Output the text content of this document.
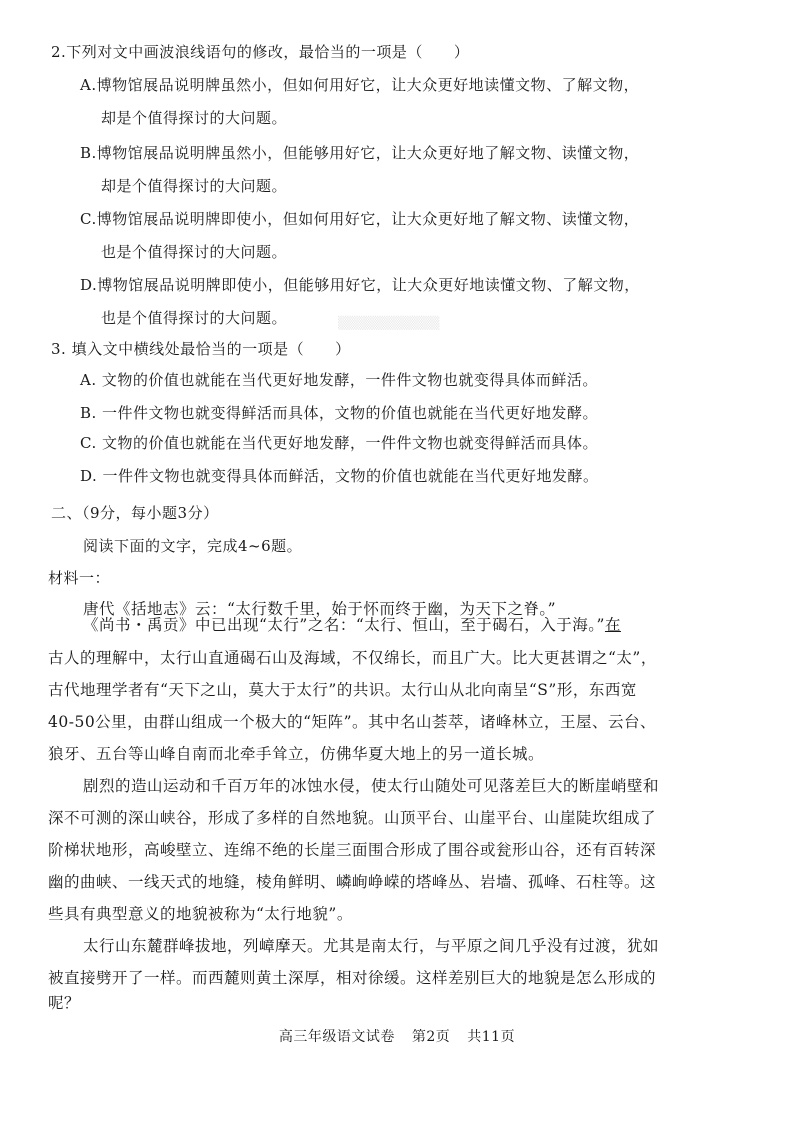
2.下列对文中画波浪线语句的修改，最恰当的一项是（　　）
A.博物馆展品说明牌虽然小，但如何用好它，让大众更好地读懂文物、了解文物，
却是个值得探讨的大问题。
B.博物馆展品说明牌虽然小，但能够用好它，让大众更好地了解文物、读懂文物，
却是个值得探讨的大问题。
C.博物馆展品说明牌即使小，但如何用好它，让大众更好地了解文物、读懂文物，
也是个值得探讨的大问题。
D.博物馆展品说明牌即使小，但能够用好它，让大众更好地读懂文物、了解文物，
也是个值得探讨的大问题。	▒▒▒▒▒▒▒▒▒▒▒
3. 填入文中横线处最恰当的一项是（　　）
A. 文物的价值也就能在当代更好地发酵，一件件文物也就变得具体而鲜活。
B. 一件件文物也就变得鲜活而具体，文物的价值也就能在当代更好地发酵。
C. 文物的价值也就能在当代更好地发酵，一件件文物也就变得鲜活而具体。
D. 一件件文物也就变得具体而鲜活，文物的价值也就能在当代更好地发酵。
二、（9分，每小题3分）
阅读下面的文字，完成4~6题。
材料一：
唐代《括地志》云：“太行数千里，始于怀而终于幽，为天下之脊。”
《尚书・禹贡》中已出现“太行”之名：“太行、恒山，至于碣石，入于海。”在
古人的理解中，太行山直通碣石山及海域，不仅绵长，而且广大。比大更甚谓之“太”，
古代地理学者有“天下之山，莫大于太行”的共识。太行山从北向南呈“S”形，东西宽
40-50公里，由群山组成一个极大的“矩阵”。其中名山荟萃，诸峰林立，王屋、云台、
狼牙、五台等山峰自南而北牵手耸立，仿佛华夏大地上的另一道长城。
剧烈的造山运动和千百万年的冰蚀水侵，使太行山随处可见落差巨大的断崖峭壁和
深不可测的深山峡谷，形成了多样的自然地貌。山顶平台、山崖平台、山崖陡坎组成了
阶梯状地形，高峻壁立、连绵不绝的长崖三面围合形成了围谷或瓮形山谷，还有百转深
幽的曲峡、一线天式的地缝，棱角鲜明、嶙峋峥嵘的塔峰丛、岩墙、孤峰、石柱等。这
些具有典型意义的地貌被称为“太行地貌”。
太行山东麓群峰拔地，列嶂摩天。尤其是南太行，与平原之间几乎没有过渡，犹如
被直接劈开了一样。而西麓则黄土深厚，相对徐缓。这样差别巨大的地貌是怎么形成的
呢？
高三年级语文试卷 第2页 共11页
